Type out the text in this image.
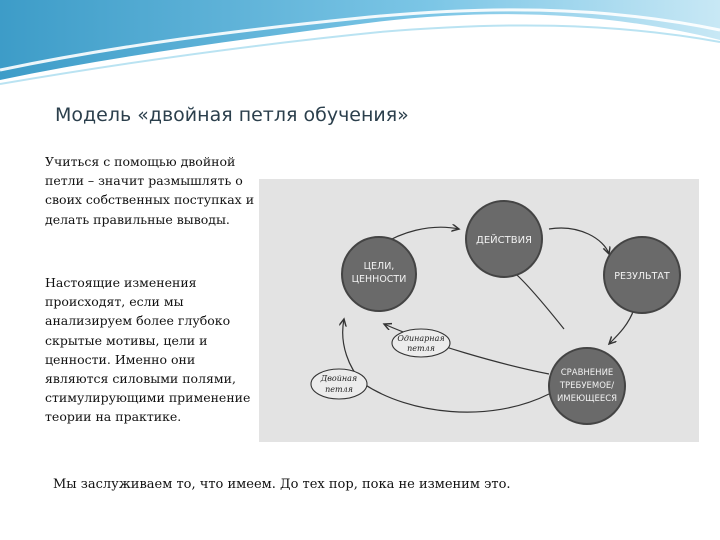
Модель «двойная петля обучения»

Учиться с помощью двойной петли – значит размышлять о своих собственных поступках и делать правильные выводы.

Настоящие изменения происходят, если мы анализируем более глубоко скрытые мотивы, цели и ценности. Именно они являются силовыми полями, стимулирующими применение теории на практике.

ДЕЙСТВИЯ
РЕЗУЛЬТАТ
ЦЕЛИ,
ЦЕННОСТИ
СРАВНЕНИЕ
ТРЕБУЕМОЕ/
ИМЕЮЩЕЕСЯ
Одинарная
петля
Двойная
петля
Мы заслуживаем то, что имеем. До тех пор, пока не изменим это.
